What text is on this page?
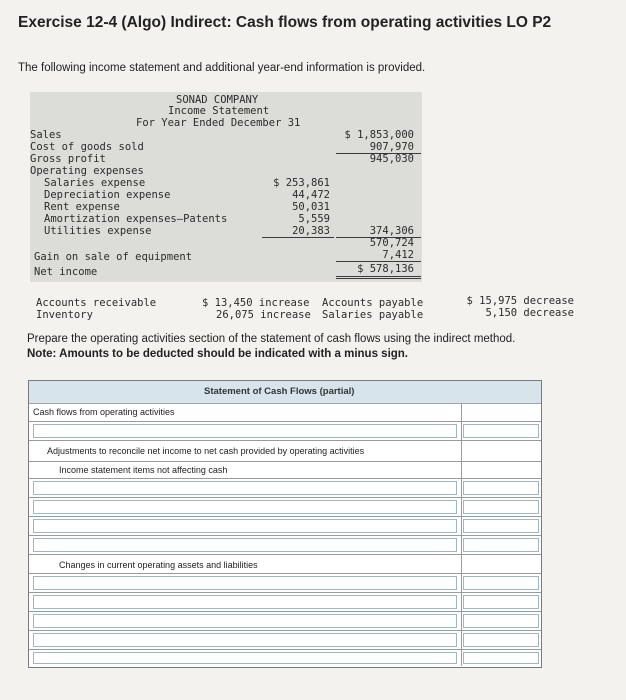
Exercise 12-4 (Algo) Indirect: Cash flows from operating activities LO P2
The following income statement and additional year-end information is provided.
SONAD COMPANY
Income Statement
For Year Ended December 31
Sales	$ 1,853,000
Cost of goods sold	907,970
Gross profit	945,030
Operating expenses
Salaries expense	$ 253,861
Depreciation expense	44,472
Rent expense	50,031
Amortization expenses—Patents	5,559
Utilities expense	20,383	374,306
570,724
Gain on sale of equipment	7,412
Net income	$ 578,136
Accounts receivable	$ 13,450 increase
Inventory	26,075 increase
Accounts payable	$ 15,975 decrease
Salaries payable	5,150 decrease
Prepare the operating activities section of the statement of cash flows using the indirect method.
Note: Amounts to be deducted should be indicated with a minus sign.
Statement of Cash Flows (partial)
Cash flows from operating activities
Adjustments to reconcile net income to net cash provided by operating activities
Income statement items not affecting cash
Changes in current operating assets and liabilities
